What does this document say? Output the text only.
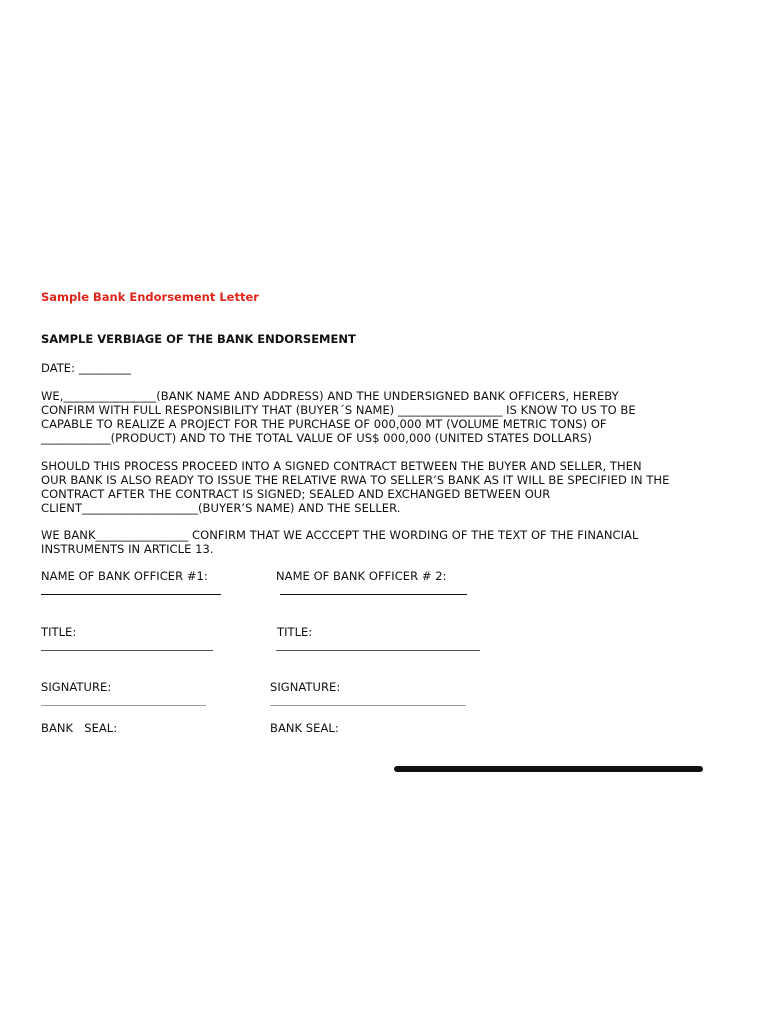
Sample Bank Endorsement Letter
SAMPLE VERBIAGE OF THE BANK ENDORSEMENT
DATE: _________
WE,________________(BANK NAME AND ADDRESS) AND THE UNDERSIGNED BANK OFFICERS, HEREBY
CONFIRM WITH FULL RESPONSIBILITY THAT (BUYER´S NAME) __________________ IS KNOW TO US TO BE
CAPABLE TO REALIZE A PROJECT FOR THE PURCHASE OF 000,000 MT (VOLUME METRIC TONS) OF
____________(PRODUCT) AND TO THE TOTAL VALUE OF US$ 000,000 (UNITED STATES DOLLARS)
SHOULD THIS PROCESS PROCEED INTO A SIGNED CONTRACT BETWEEN THE BUYER AND SELLER, THEN
OUR BANK IS ALSO READY TO ISSUE THE RELATIVE RWA TO SELLER’S BANK AS IT WILL BE SPECIFIED IN THE
CONTRACT AFTER THE CONTRACT IS SIGNED; SEALED AND EXCHANGED BETWEEN OUR
CLIENT____________________(BUYER’S NAME) AND THE SELLER.
WE BANK________________ CONFIRM THAT WE ACCCEPT THE WORDING OF THE TEXT OF THE FINANCIAL
INSTRUMENTS IN ARTICLE 13.
NAME OF BANK OFFICER #1:	NAME OF BANK OFFICER # 2:
TITLE:	TITLE:
SIGNATURE:	SIGNATURE:
BANK   SEAL:	BANK SEAL:
